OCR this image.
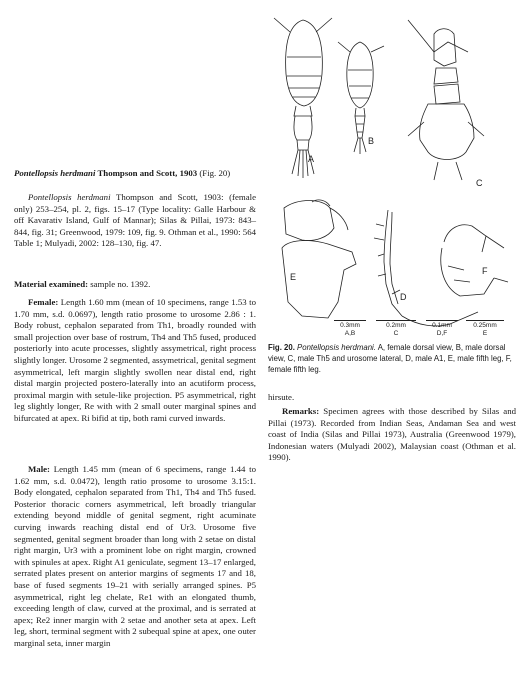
A
B
C
D
E
F
0.3mm
A,B
0.2mm
C
0.1mm
D,F
0.25mm
E
Fig. 20. Pontellopsis herdmani. A, female dorsal view, B, male dorsal view, C, male Th5 and urosome lateral, D, male A1, E, male fifth leg, F, female fifth leg.
Pontellopsis herdmani Thompson and Scott, 1903 (Fig. 20)
Pontellopsis herdmani Thompson and Scott, 1903: (female only) 253–254, pl. 2, figs. 15–17 (Type locality: Galle Harbour & off Kavarativ Island, Gulf of Mannar); Silas & Pillai, 1973: 843–844, fig. 31; Greenwood, 1979: 109, fig. 9. Othman et al., 1990: 564 Table 1; Mulyadi, 2002: 128–130, fig. 47.
Material examined: sample no. 1392.
Female: Length 1.60 mm (mean of 10 specimens, range 1.53 to 1.70 mm, s.d. 0.0697), length ratio prosome to urosome 2.86 : 1. Body robust, cephalon separated from Th1, broadly rounded with small projection over base of rostrum, Th4 and Th5 fused, produced posteriorly into acute processes, slightly assymetrical, right process slightly longer. Urosome 2 segmented, assymetrical, genital segment asymmetrical, left margin slightly swollen near distal end, right distal margin projected postero-laterally into an acutiform process, proximal margin with setule-like projection. P5 asymmetrical, right leg slightly longer, Re with with 2 small outer marginal spines and bifurcated at apex. Ri bifid at tip, both rami curved inwards.
Male: Length 1.45 mm (mean of 6 specimens, range 1.44 to 1.62 mm, s.d. 0.0472), length ratio prosome to urosome 3.15:1. Body elongated, cephalon separated from Th1, Th4 and Th5 fused. Posterior thoracic corners asymmetrical, left broadly triangular extending beyond middle of genital segment, right acuminate curving inwards reaching distal end of Ur3. Urosome five segmented, genital segment broader than long with 2 setae on distal right margin, Ur3 with a prominent lobe on right margin, crowned with spinules at apex. Right A1 geniculate, segment 13–17 enlarged, serrated plates present on anterior margins of segments 17 and 18, base of fused segments 19–21 with serially arranged spines. P5 asymmetrical, right leg chelate, Re1 with an elongated thumb, exceeding length of claw, curved at the proximal, and is serrated at apex; Re2 inner margin with 2 setae and another seta at apex. Left leg, short, terminal segment with 2 subequal spine at apex, one outer marginal seta, inner margin
hirsute.
Remarks: Specimen agrees with those described by Silas and Pillai (1973). Recorded from Indian Seas, Andaman Sea and west coast of India (Silas and Pillai 1973), Australia (Greenwood 1979), Indonesian waters (Mulyadi 2002), Malaysian coast (Othman et al. 1990).
